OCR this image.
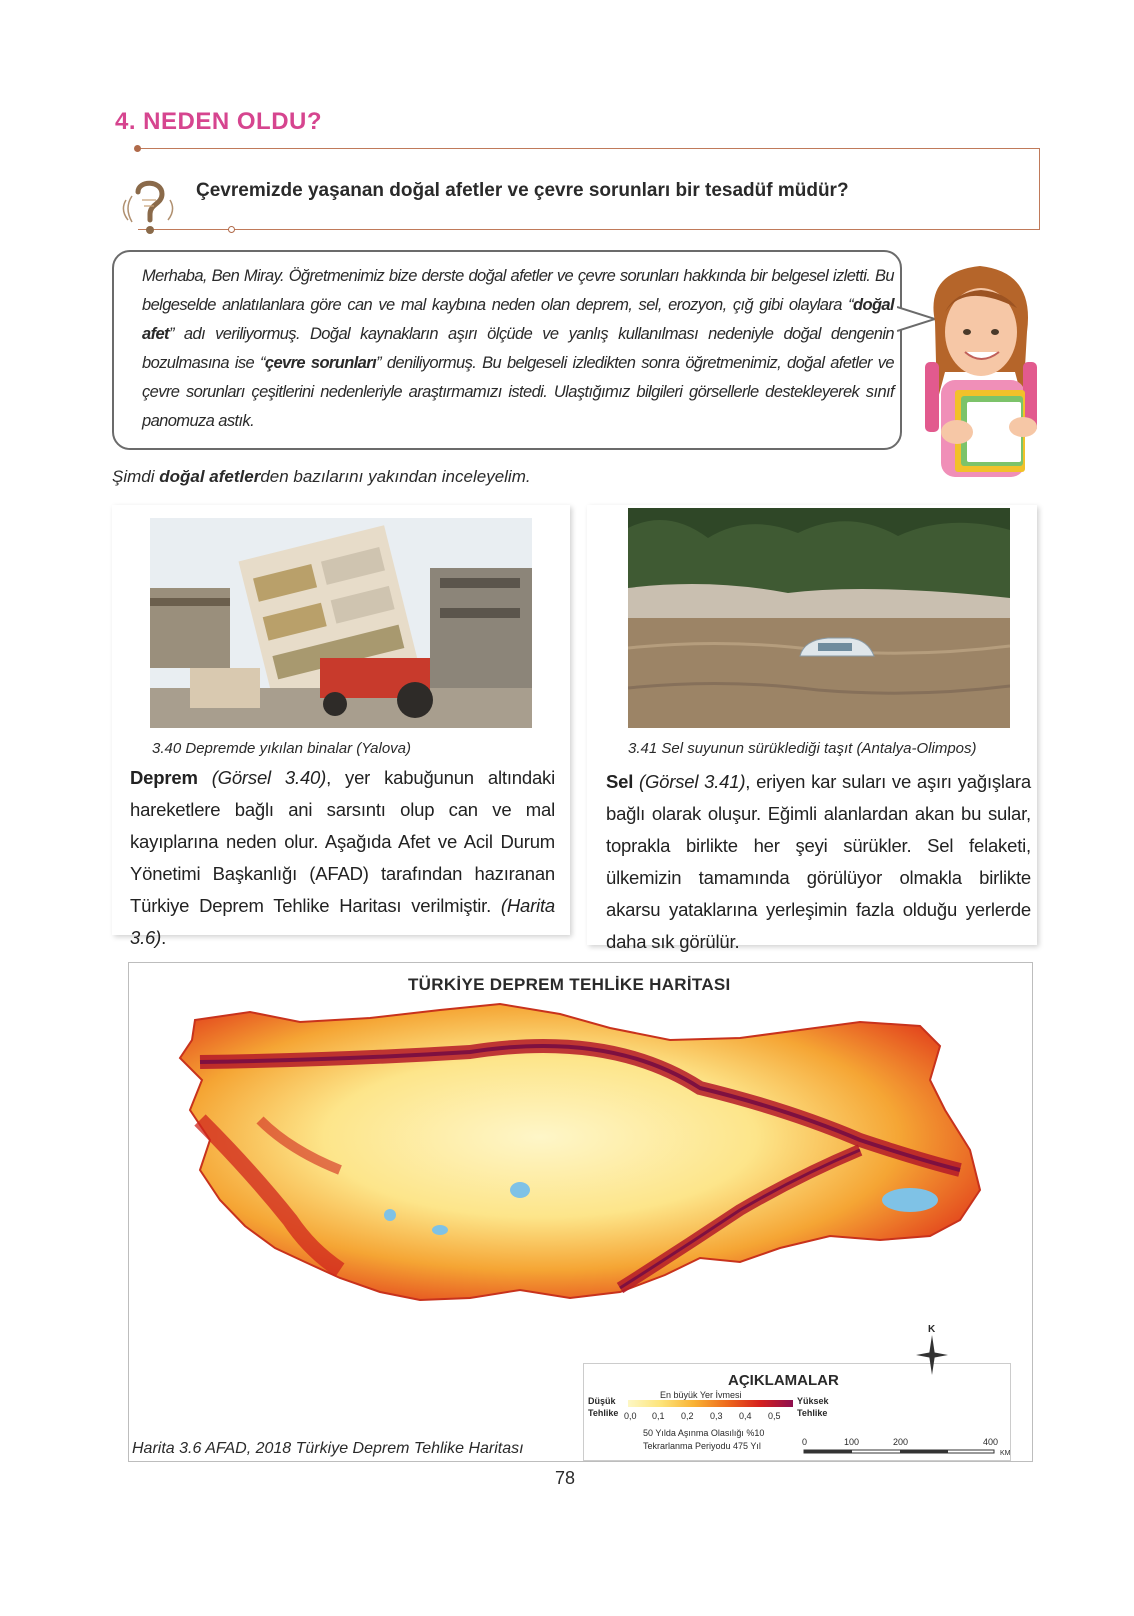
4. NEDEN OLDU?
Çevremizde yaşanan doğal afetler ve çevre sorunları bir tesadüf müdür?
Merhaba, Ben Miray. Öğretmenimiz bize derste doğal afetler ve çevre sorunları hakkında bir belgesel izletti. Bu belgeselde anlatılanlara göre can ve mal kaybına neden olan deprem, sel, erozyon, çığ gibi olaylara “doğal afet” adı veriliyormuş. Doğal kaynakların aşırı ölçüde ve yanlış kullanılması nedeniyle doğal dengenin bozulmasına ise “çevre sorunları” deniliyormuş. Bu belgeseli izledikten sonra öğretmenimiz, doğal afetler ve çevre sorunları çeşitlerini nedenleriyle araştırmamızı istedi. Ulaştığımız bilgileri görsellerle destekleyerek sınıf panomuza astık.
Şimdi doğal afetlerden bazılarını yakından inceleyelim.
3.40 Depremde yıkılan binalar (Yalova)	3.41 Sel suyunun sürüklediği taşıt (Antalya-Olimpos)
Deprem (Görsel 3.40), yer kabuğunun altındaki hareketlere bağlı ani sarsıntı olup can ve mal kayıplarına neden olur. Aşağıda Afet ve Acil Durum Yönetimi Başkanlığı (AFAD) tarafından hazıranan Türkiye Deprem Tehlike Haritası verilmiştir. (Harita 3.6).
Sel (Görsel 3.41), eriyen kar suları ve aşırı yağışlara bağlı olarak oluşur. Eğimli alanlardan akan bu sular, toprakla birlikte her şeyi sürükler. Sel felaketi, ülkemizin tamamında görülüyor olmakla birlikte akarsu yataklarına yerleşimin fazla olduğu yerlerde daha sık görülür.
TÜRKİYE DEPREM TEHLİKE HARİTASI
Harita 3.6 AFAD, 2018 Türkiye Deprem Tehlike Haritası
AÇIKLAMALAR
En büyük Yer İvmesi
Düşük
Tehlike
Yüksek
Tehlike
0,0 0,1 0,2 0,3 0,4 0,5
50 Yılda Aşınma Olasılığı %10
Tekrarlanma Periyodu 475 Yıl
K
0	100	200	400
KM
78
